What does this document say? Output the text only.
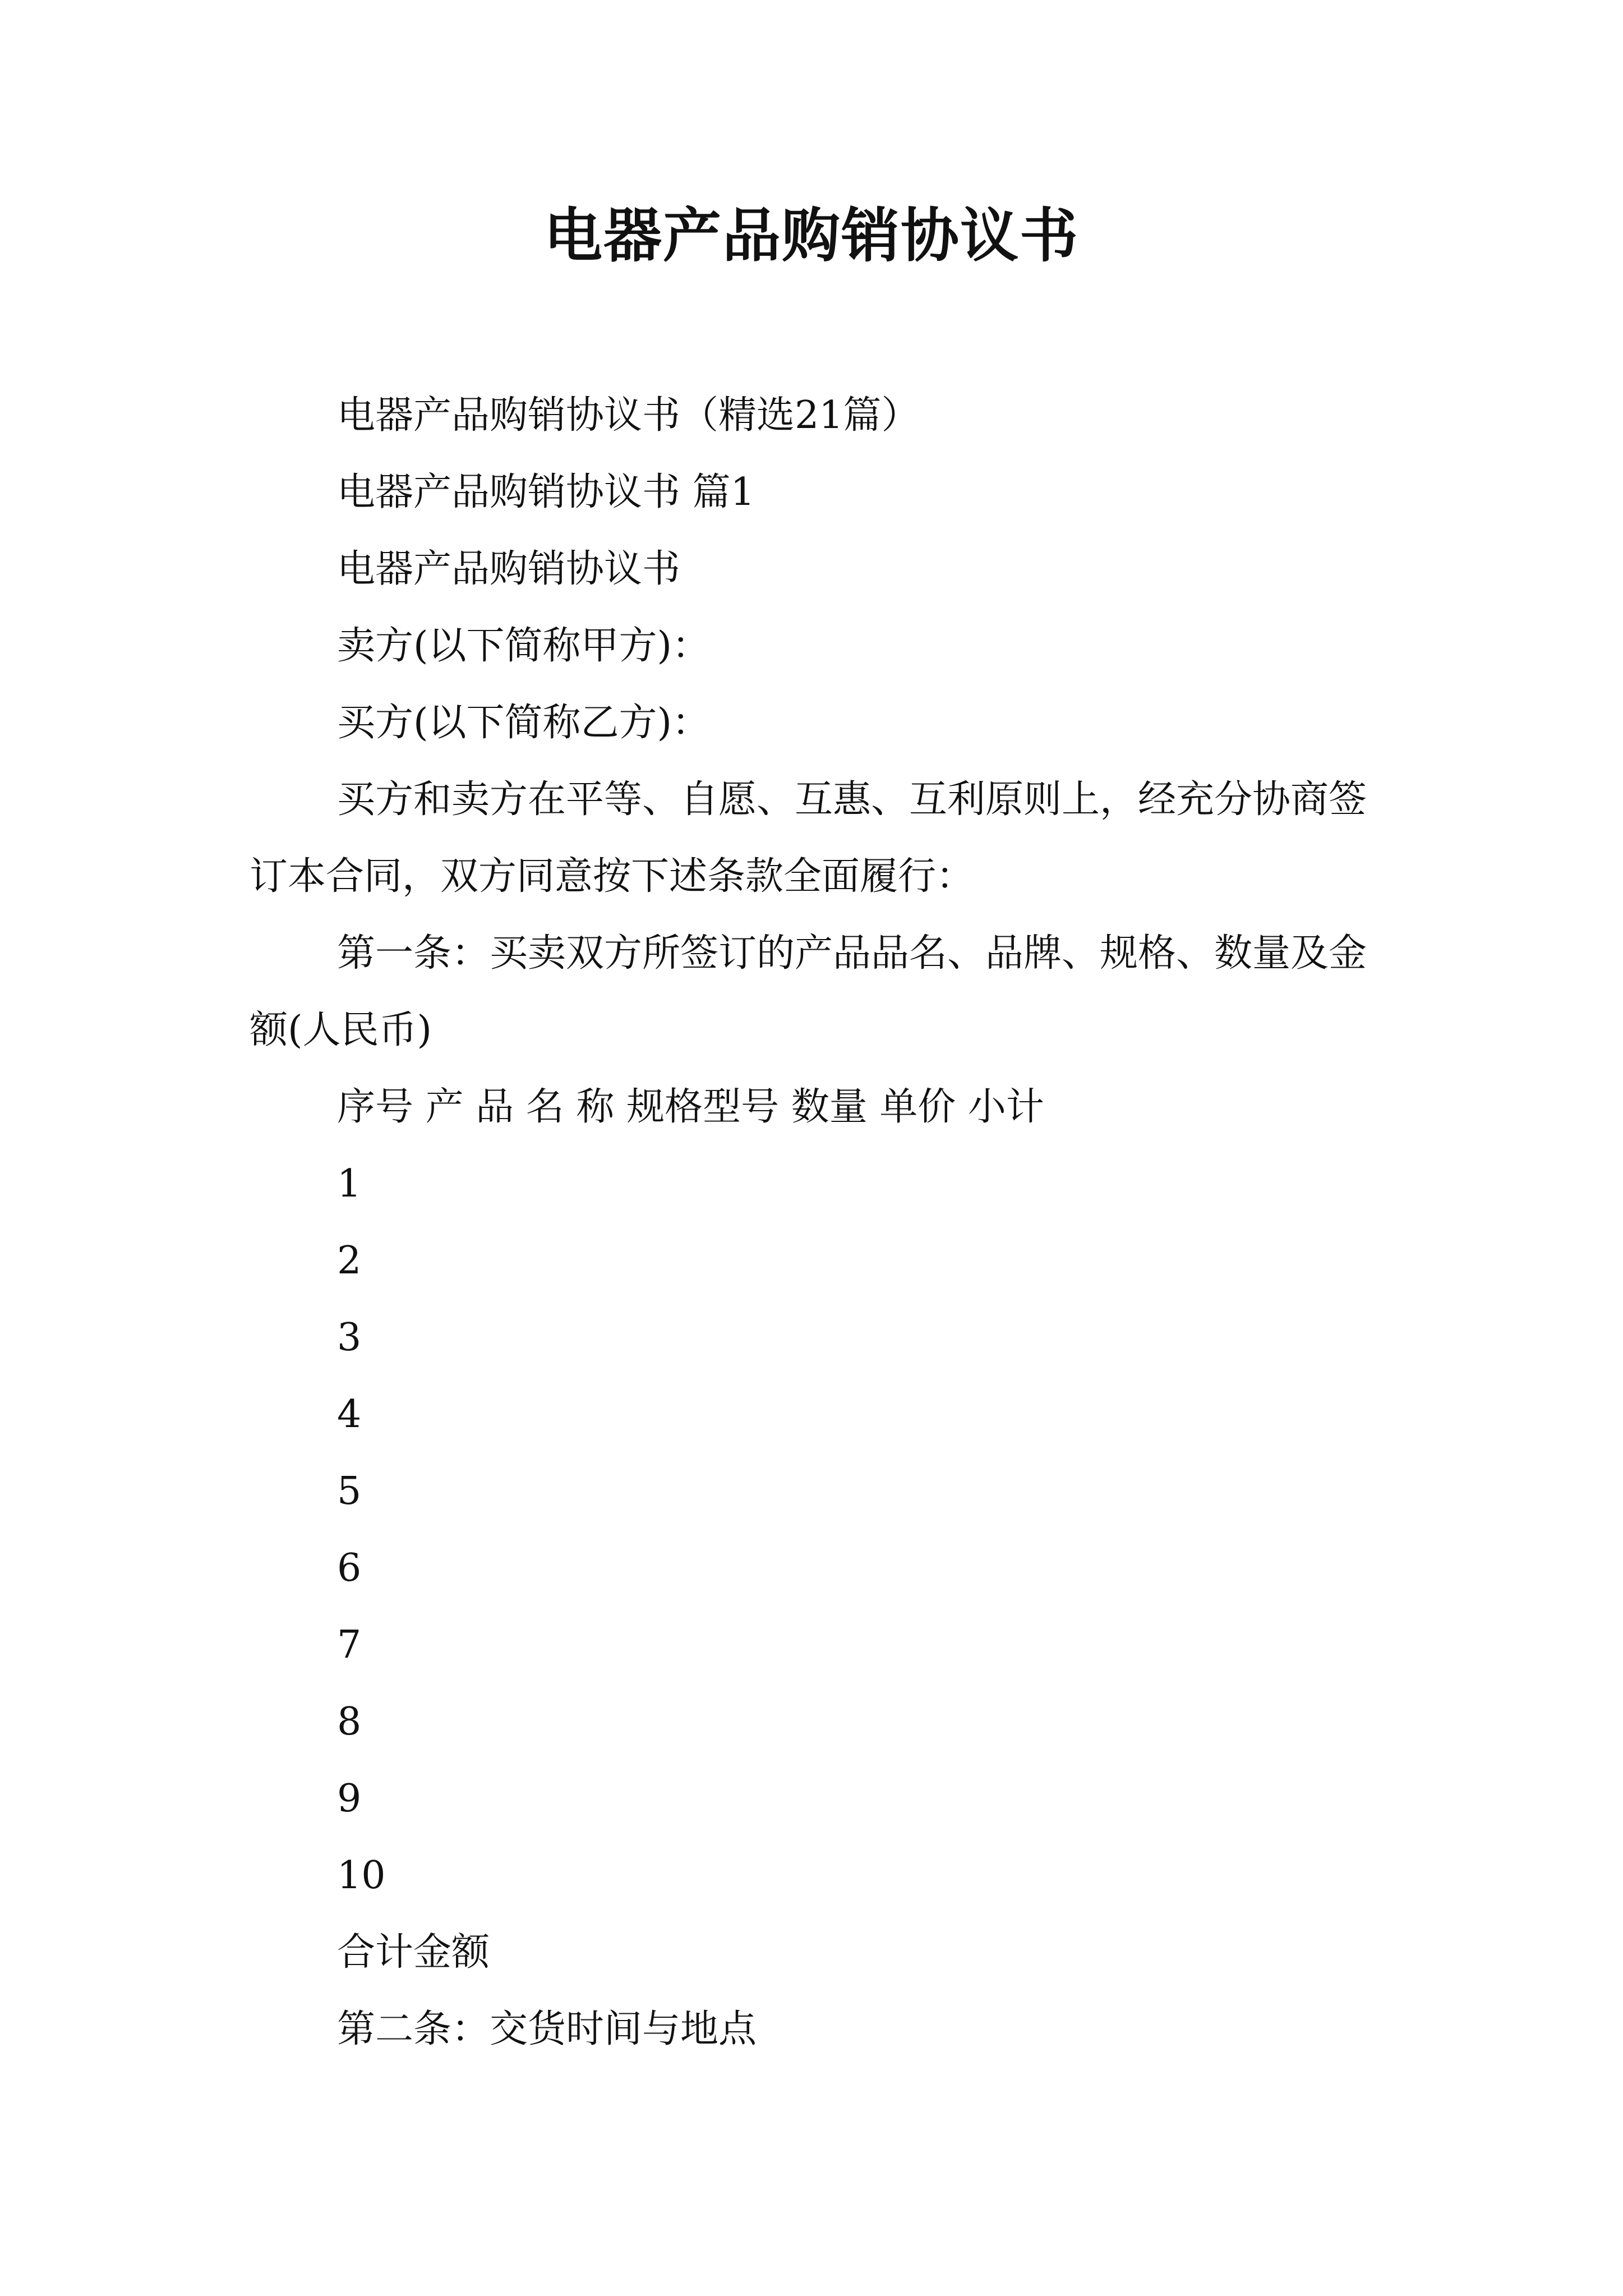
电器产品购销协议书

电器产品购销协议书（精选21篇）

电器产品购销协议书 篇1

电器产品购销协议书

卖方(以下简称甲方)：

买方(以下简称乙方)：

买方和卖方在平等、自愿、互惠、互利原则上，经充分协商签订本合同，双方同意按下述条款全面履行：

第一条：买卖双方所签订的产品品名、品牌、规格、数量及金额(人民币)

序号 产 品 名 称 规格型号 数量 单价 小计

1

2

3

4

5

6

7

8

9

10

合计金额

第二条：交货时间与地点
